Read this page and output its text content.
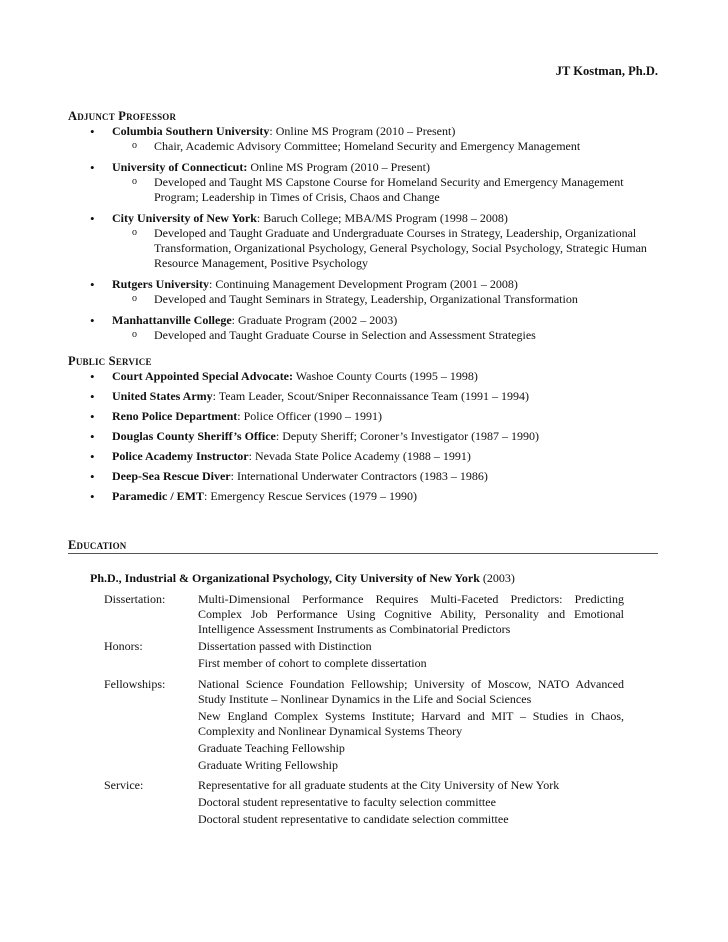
JT Kostman, Ph.D.
Adjunct Professor
• Columbia Southern University: Online MS Program (2010 – Present)
o Chair, Academic Advisory Committee; Homeland Security and Emergency Management
• University of Connecticut: Online MS Program (2010 – Present)
o Developed and Taught MS Capstone Course for Homeland Security and Emergency Management Program; Leadership in Times of Crisis, Chaos and Change
• City University of New York: Baruch College; MBA/MS Program (1998 – 2008)
o Developed and Taught Graduate and Undergraduate Courses in Strategy, Leadership, Organizational Transformation, Organizational Psychology, General Psychology, Social Psychology, Strategic Human Resource Management, Positive Psychology
• Rutgers University: Continuing Management Development Program (2001 – 2008)
o Developed and Taught Seminars in Strategy, Leadership, Organizational Transformation
• Manhattanville College: Graduate Program (2002 – 2003)
o Developed and Taught Graduate Course in Selection and Assessment Strategies
Public Service
• Court Appointed Special Advocate: Washoe County Courts (1995 – 1998)
• United States Army: Team Leader, Scout/Sniper Reconnaissance Team (1991 – 1994)
• Reno Police Department: Police Officer (1990 – 1991)
• Douglas County Sheriff’s Office: Deputy Sheriff; Coroner’s Investigator (1987 – 1990)
• Police Academy Instructor: Nevada State Police Academy (1988 – 1991)
• Deep-Sea Rescue Diver: International Underwater Contractors (1983 – 1986)
• Paramedic / EMT: Emergency Rescue Services (1979 – 1990)
Education
Ph.D., Industrial & Organizational Psychology, City University of New York (2003)
Dissertation:	Multi-Dimensional Performance Requires Multi-Faceted Predictors: Predicting Complex Job Performance Using Cognitive Ability, Personality and Emotional Intelligence Assessment Instruments as Combinatorial Predictors
Honors:	Dissertation passed with Distinction
First member of cohort to complete dissertation
Fellowships:	National Science Foundation Fellowship; University of Moscow, NATO Advanced Study Institute – Nonlinear Dynamics in the Life and Social Sciences
New England Complex Systems Institute; Harvard and MIT – Studies in Chaos, Complexity and Nonlinear Dynamical Systems Theory
Graduate Teaching Fellowship
Graduate Writing Fellowship
Service:	Representative for all graduate students at the City University of New York
Doctoral student representative to faculty selection committee
Doctoral student representative to candidate selection committee
